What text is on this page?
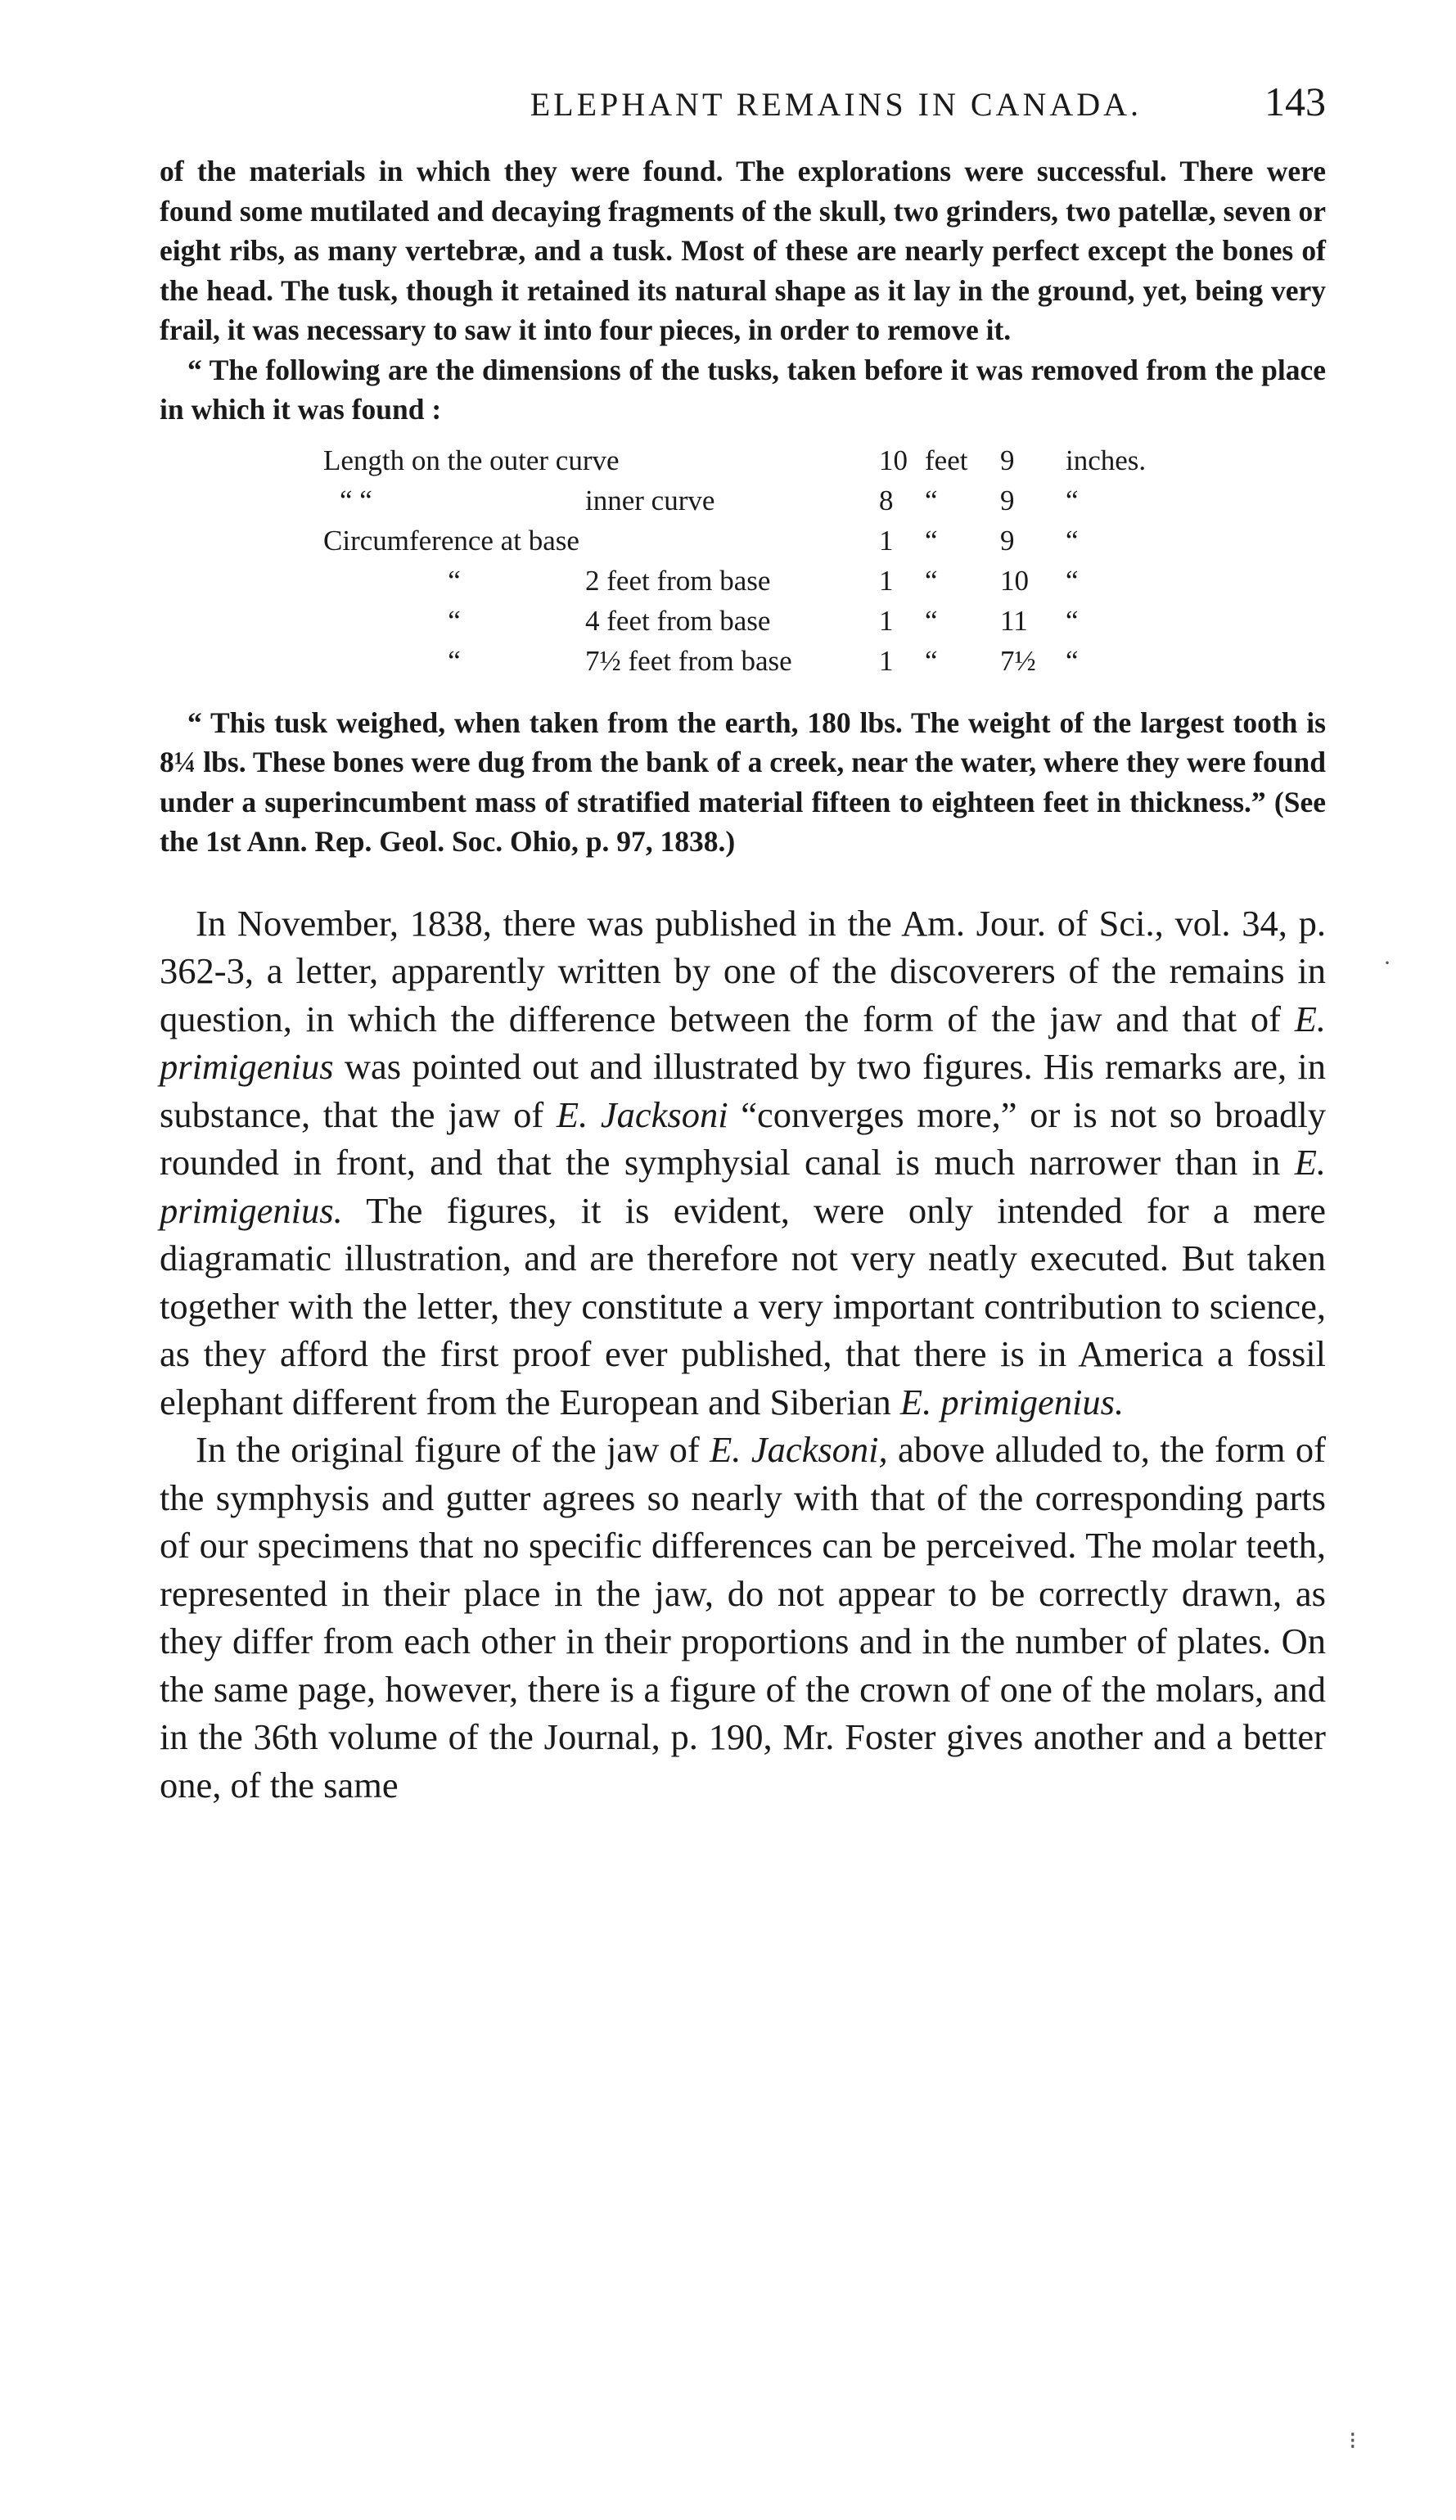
ELEPHANT REMAINS IN CANADA.	143

of the materials in which they were found. The explorations were successful. There were found some mutilated and decaying fragments of the skull, two grinders, two patellæ, seven or eight ribs, as many vertebræ, and a tusk. Most of these are nearly perfect except the bones of the head. The tusk, though it retained its natural shape as it lay in the ground, yet, being very frail, it was necessary to saw it into four pieces, in order to remove it.

“ The following are the dimensions of the tusks, taken before it was removed from the place in which it was found :

Length on the outer curve		10	feet	9	inches.
“ “	inner curve	8	“	9	“
Circumference at base		1	“	9	“
“	2 feet from base	1	“	10	“
“	4 feet from base	1	“	11	“
“	7½ feet from base	1	“	7½	“

“ This tusk weighed, when taken from the earth, 180 lbs. The weight of the largest tooth is 8¼ lbs. These bones were dug from the bank of a creek, near the water, where they were found under a superincumbent mass of stratified material fifteen to eighteen feet in thickness.” (See the 1st Ann. Rep. Geol. Soc. Ohio, p. 97, 1838.)

In November, 1838, there was published in the Am. Jour. of Sci., vol. 34, p. 362-3, a letter, apparently written by one of the discoverers of the remains in question, in which the difference between the form of the jaw and that of E. primigenius was pointed out and illustrated by two figures. His remarks are, in substance, that the jaw of E. Jacksoni “converges more,” or is not so broadly rounded in front, and that the symphysial canal is much narrower than in E. primigenius. The figures, it is evident, were only intended for a mere diagramatic illustration, and are therefore not very neatly executed. But taken together with the letter, they constitute a very important contribution to science, as they afford the first proof ever published, that there is in America a fossil elephant different from the European and Siberian E. primigenius.

In the original figure of the jaw of E. Jacksoni, above alluded to, the form of the symphysis and gutter agrees so nearly with that of the corresponding parts of our specimens that no specific differences can be perceived. The molar teeth, represented in their place in the jaw, do not appear to be correctly drawn, as they differ from each other in their proportions and in the number of plates. On the same page, however, there is a figure of the crown of one of the molars, and in the 36th volume of the Journal, p. 190, Mr. Foster gives another and a better one, of the same

·
⁝
